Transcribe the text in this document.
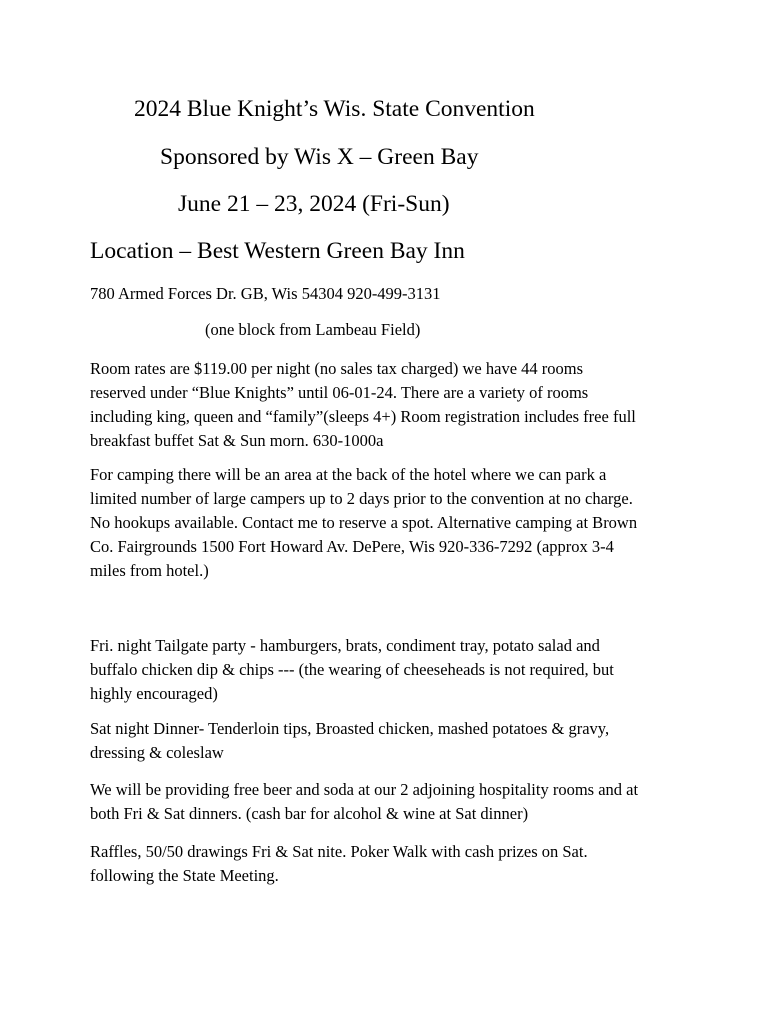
2024 Blue Knight’s Wis. State Convention

Sponsored by Wis X – Green Bay

June 21 – 23, 2024 (Fri-Sun)

Location – Best Western Green Bay Inn

780 Armed Forces Dr. GB, Wis 54304 920-499-3131

(one block from Lambeau Field)

Room rates are $119.00 per night (no sales tax charged) we have 44 rooms
reserved under “Blue Knights” until 06-01-24. There are a variety of rooms
including king, queen and “family”(sleeps 4+) Room registration includes free full
breakfast buffet Sat & Sun morn. 630-1000a
For camping there will be an area at the back of the hotel where we can park a
limited number of large campers up to 2 days prior to the convention at no charge.
No hookups available. Contact me to reserve a spot. Alternative camping at Brown
Co. Fairgrounds 1500 Fort Howard Av. DePere, Wis 920-336-7292 (approx 3-4
miles from hotel.)
Fri. night Tailgate party - hamburgers, brats, condiment tray, potato salad and
buffalo chicken dip & chips --- (the wearing of cheeseheads is not required, but
highly encouraged)
Sat night Dinner- Tenderloin tips, Broasted chicken, mashed potatoes & gravy,
dressing & coleslaw
We will be providing free beer and soda at our 2 adjoining hospitality rooms and at
both Fri & Sat dinners. (cash bar for alcohol & wine at Sat dinner)
Raffles, 50/50 drawings Fri & Sat nite. Poker Walk with cash prizes on Sat.
following the State Meeting.
